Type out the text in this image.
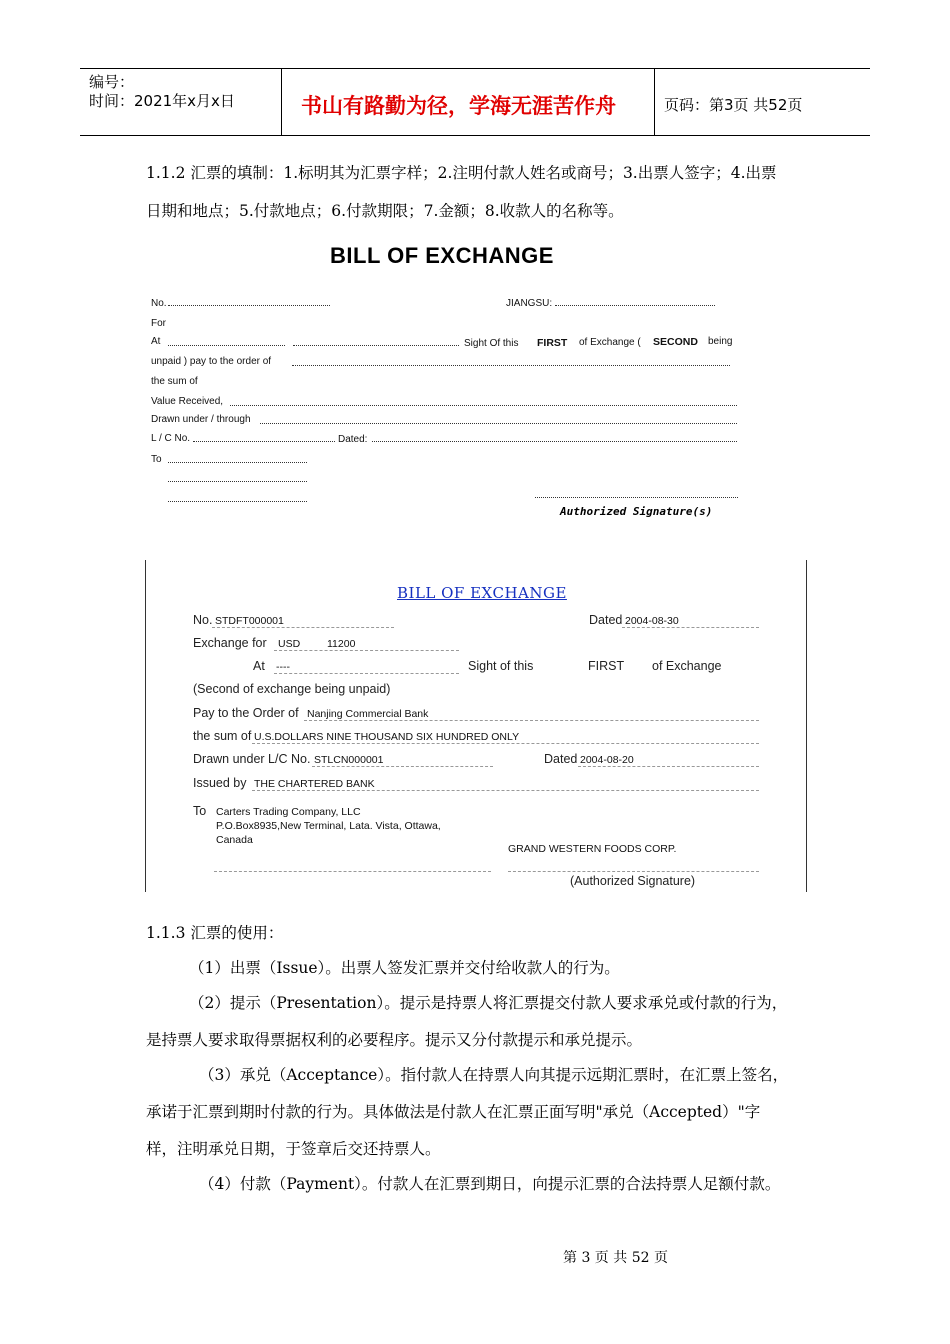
编号：
时间：2021年x月x日	书山有路勤为径，学海无涯苦作舟	页码：第3页 共52页
1.1.2 汇票的填制：1.标明其为汇票字样；2.注明付款人姓名或商号；3.出票人签字；4.出票
日期和地点；5.付款地点；6.付款期限；7.金额；8.收款人的名称等。
BILL OF EXCHANGE
No.	JIANGSU:
For
At	Sight Of this FIRST of Exchange ( SECOND being
unpaid ) pay to the order of
the sum of
Value Received,
Drawn under / through
L / C No.	Dated:
To
Authorized Signature(s)
BILL OF EXCHANGE
No. STDFT000001	Dated 2004-08-30
Exchange for USD	11200
At ----	Sight of this	FIRST of Exchange
(Second of exchange being unpaid)
Pay to the Order of Nanjing Commercial Bank
the sum of U.S.DOLLARS NINE THOUSAND SIX HUNDRED ONLY
Drawn under L/C No. STLCN000001	Dated 2004-08-20
Issued by THE CHARTERED BANK
To Carters Trading Company, LLC
P.O.Box8935,New Terminal, Lata. Vista, Ottawa,
Canada
GRAND WESTERN FOODS CORP.
(Authorized Signature)
1.1.3 汇票的使用：
（1）出票（Issue）。出票人签发汇票并交付给收款人的行为。
（2）提示（Presentation）。提示是持票人将汇票提交付款人要求承兑或付款的行为，
是持票人要求取得票据权利的必要程序。提示又分付款提示和承兑提示。
（3）承兑（Acceptance）。指付款人在持票人向其提示远期汇票时，在汇票上签名，
承诺于汇票到期时付款的行为。具体做法是付款人在汇票正面写明"承兑（Accepted）"字
样，注明承兑日期，于签章后交还持票人。
（4）付款（Payment）。付款人在汇票到期日，向提示汇票的合法持票人足额付款。
第 3 页 共 52 页
